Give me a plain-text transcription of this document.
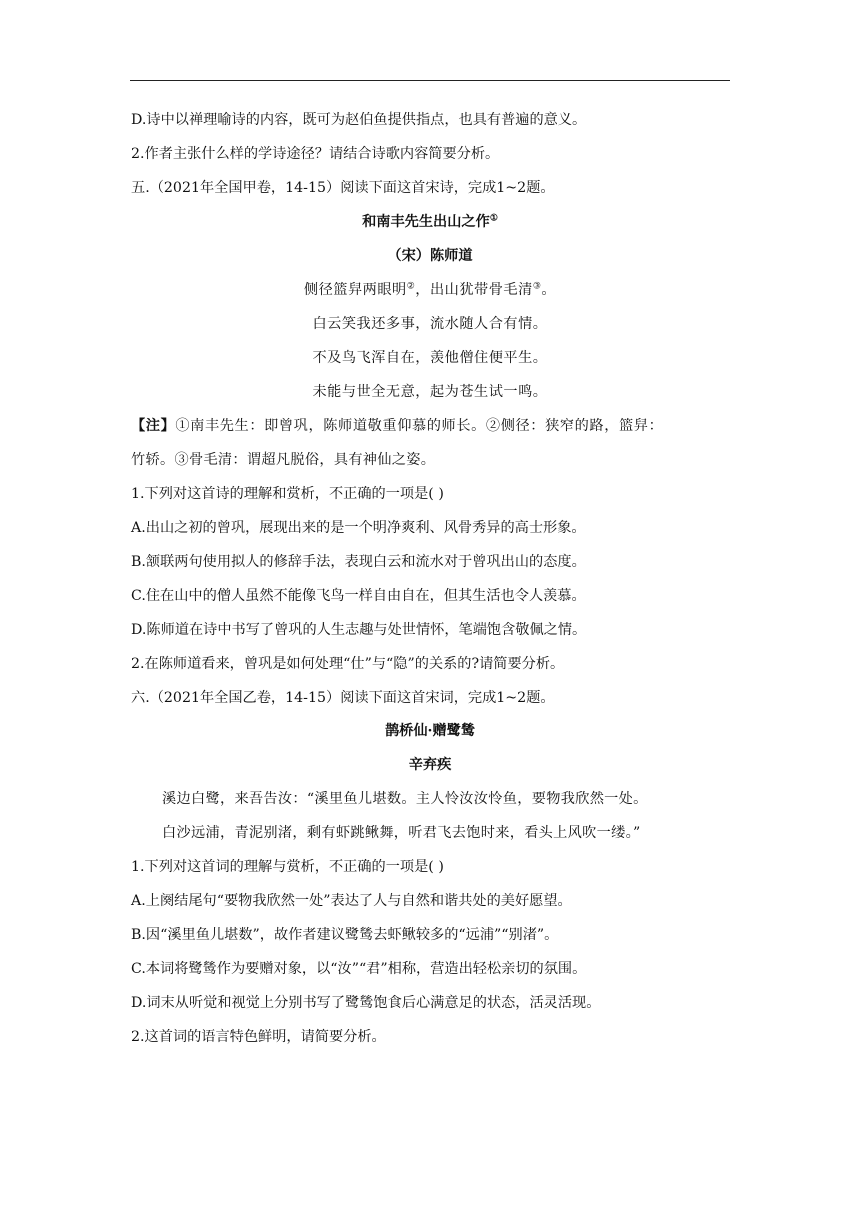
D.诗中以禅理喻诗的内容，既可为赵伯鱼提供指点，也具有普遍的意义。
2.作者主张什么样的学诗途径？请结合诗歌内容简要分析。
五.（2021年全国甲卷，14-15）阅读下面这首宋诗，完成1~2题。
和南丰先生出山之作①
（宋）陈师道
侧径篮舁两眼明②，出山犹带骨毛清③。
白云笑我还多事，流水随人合有情。
不及鸟飞浑自在，羡他僧住便平生。
未能与世全无意，起为苍生试一鸣。
【注】①南丰先生：即曾巩，陈师道敬重仰慕的师长。②侧径：狭窄的路，篮舁：
竹轿。③骨毛清：谓超凡脱俗，具有神仙之姿。
1.下列对这首诗的理解和赏析，不正确的一项是( )
A.出山之初的曾巩，展现出来的是一个明净爽利、风骨秀异的高士形象。
B.颔联两句使用拟人的修辞手法，表现白云和流水对于曾巩出山的态度。
C.住在山中的僧人虽然不能像飞鸟一样自由自在，但其生活也令人羡慕。
D.陈师道在诗中书写了曾巩的人生志趣与处世情怀，笔端饱含敬佩之情。
2.在陈师道看来，曾巩是如何处理“仕”与“隐”的关系的?请简要分析。
六.（2021年全国乙卷，14-15）阅读下面这首宋词，完成1~2题。
鹊桥仙·赠鹭鸶
辛弃疾
溪边白鹭，来吾告汝：“溪里鱼儿堪数。主人怜汝汝怜鱼，要物我欣然一处。
白沙远浦，青泥别渚，剩有虾跳鳅舞，听君飞去饱时来，看头上风吹一缕。”
1.下列对这首词的理解与赏析，不正确的一项是( )
A.上阕结尾句“要物我欣然一处”表达了人与自然和谐共处的美好愿望。
B.因“溪里鱼儿堪数”，故作者建议鹭鸶去虾鳅较多的“远浦”“别渚”。
C.本词将鹭鸶作为要赠对象，以“汝”“君”相称，营造出轻松亲切的氛围。
D.词末从听觉和视觉上分别书写了鹭鸶饱食后心满意足的状态，活灵活现。
2.这首词的语言特色鲜明，请简要分析。
